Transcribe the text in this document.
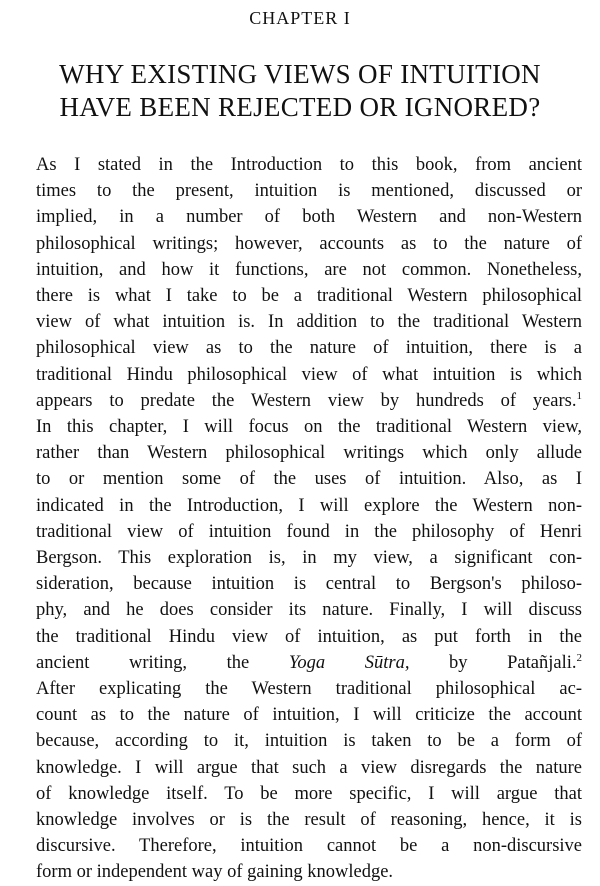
CHAPTER I
WHY EXISTING VIEWS OF INTUITION
HAVE BEEN REJECTED OR IGNORED?

As I stated in the Introduction to this book, from ancient
times to the present, intuition is mentioned, discussed or
implied, in a number of both Western and non-Western
philosophical writings; however, accounts as to the nature of
intuition, and how it functions, are not common. Nonetheless,
there is what I take to be a traditional Western philosophical
view of what intuition is. In addition to the traditional Western
philosophical view as to the nature of intuition, there is a
traditional Hindu philosophical view of what intuition is which
appears to predate the Western view by hundreds of years.$^1$

In this chapter, I will focus on the traditional Western view,
rather than Western philosophical writings which only allude
to or mention some of the uses of intuition. Also, as I
indicated in the Introduction, I will explore the Western non-
traditional view of intuition found in the philosophy of Henri
Bergson. This exploration is, in my view, a significant con-
sideration, because intuition is central to Bergson's philoso-
phy, and he does consider its nature. Finally, I will discuss
the traditional Hindu view of intuition, as put forth in the
ancient writing, the Yoga Sūtra, by Patañjali.$^2$

After explicating the Western traditional philosophical ac-
count as to the nature of intuition, I will criticize the account
because, according to it, intuition is taken to be a form of
knowledge. I will argue that such a view disregards the nature
of knowledge itself. To be more specific, I will argue that
knowledge involves or is the result of reasoning, hence, it is
discursive. Therefore, intuition cannot be a non-discursive
form or independent way of gaining knowledge.
